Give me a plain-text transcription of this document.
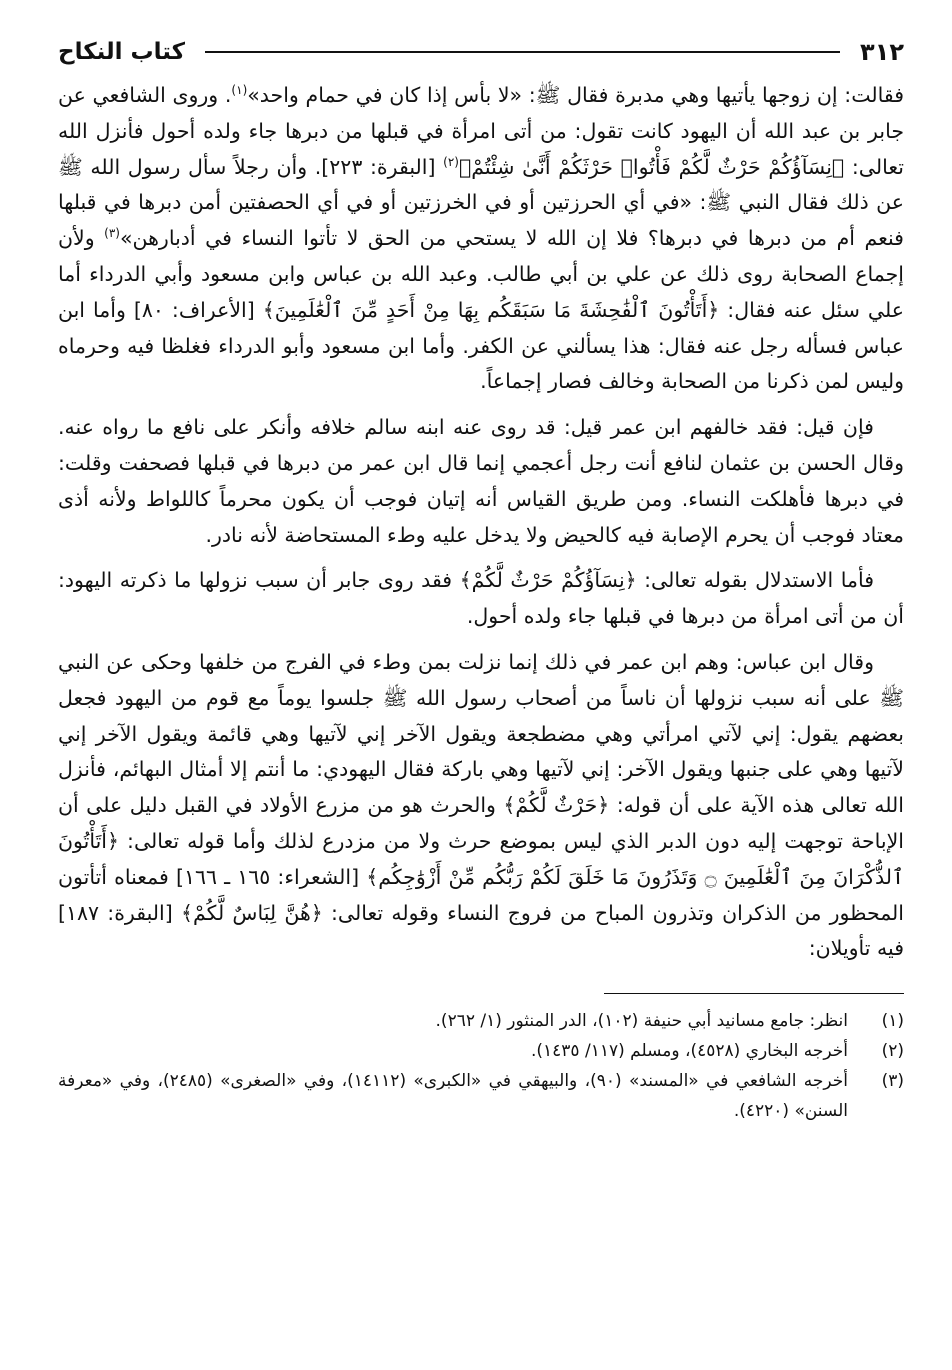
٣١٢
كتاب النكاح

فقالت: إن زوجها يأتيها وهي مدبرة فقال ﷺ: «لا بأس إذا كان في حمام واحد»$^{(١)}$. وروى الشافعي عن جابر بن عبد الله أن اليهود كانت تقول: من أتى امرأة في قبلها من دبرها جاء ولده أحول فأنزل الله تعالى: ﴿نِسَآؤُكُمْ حَرْثٌ لَّكُمْ فَأْتُوا۟ حَرْثَكُمْ أَنَّىٰ شِئْتُمْ﴾$^{(٢)}$ [البقرة: ٢٢٣]. وأن رجلاً سأل رسول الله ﷺ عن ذلك فقال النبي ﷺ: «في أي الحرزتين أو في الخرزتين أو في أي الحصفتين أمن دبرها في قبلها فنعم أم من دبرها في دبرها؟ فلا إن الله لا يستحي من الحق لا تأتوا النساء في أدبارهن»$^{(٣)}$ ولأن إجماع الصحابة روى ذلك عن علي بن أبي طالب. وعبد الله بن عباس وابن مسعود وأبي الدرداء أما علي سئل عنه فقال: ﴿أَتَأْتُونَ ٱلْفَٰحِشَةَ مَا سَبَقَكُم بِهَا مِنْ أَحَدٍ مِّنَ ٱلْعَٰلَمِينَ﴾ [الأعراف: ٨٠] وأما ابن عباس فسأله رجل عنه فقال: هذا يسألني عن الكفر. وأما ابن مسعود وأبو الدرداء فغلظا فيه وحرماه وليس لمن ذكرنا من الصحابة وخالف فصار إجماعاً.

فإن قيل: فقد خالفهم ابن عمر قيل: قد روى عنه ابنه سالم خلافه وأنكر على نافع ما رواه عنه. وقال الحسن بن عثمان لنافع أنت رجل أعجمي إنما قال ابن عمر من دبرها في قبلها فصحفت وقلت: في دبرها فأهلكت النساء. ومن طريق القياس أنه إتيان فوجب أن يكون محرماً كاللواط ولأنه أذى معتاد فوجب أن يحرم الإصابة فيه كالحيض ولا يدخل عليه وطء المستحاضة لأنه نادر.

فأما الاستدلال بقوله تعالى: ﴿نِسَآؤُكُمْ حَرْثٌ لَّكُمْ﴾ فقد روى جابر أن سبب نزولها ما ذكرته اليهود: أن من أتى امرأة من دبرها في قبلها جاء ولده أحول.

وقال ابن عباس: وهم ابن عمر في ذلك إنما نزلت بمن وطء في الفرج من خلفها وحكى عن النبي ﷺ على أنه سبب نزولها أن ناساً من أصحاب رسول الله ﷺ جلسوا يوماً مع قوم من اليهود فجعل بعضهم يقول: إني لآتي امرأتي وهي مضطجعة ويقول الآخر إني لآتيها وهي قائمة ويقول الآخر إني لآتيها وهي على جنبها ويقول الآخر: إني لآتيها وهي باركة فقال اليهودي: ما أنتم إلا أمثال البهائم، فأنزل الله تعالى هذه الآية على أن قوله: ﴿حَرْثٌ لَّكُمْ﴾ والحرث هو من مزرع الأولاد في القبل دليل على أن الإباحة توجهت إليه دون الدبر الذي ليس بموضع حرث ولا من مزدرع لذلك وأما قوله تعالى: ﴿أَتَأْتُونَ ٱلذُّكْرَانَ مِنَ ٱلْعَٰلَمِينَ ۝ وَتَذَرُونَ مَا خَلَقَ لَكُمْ رَبُّكُم مِّنْ أَزْوَٰجِكُم﴾ [الشعراء: ١٦٥ ـ ١٦٦] فمعناه أتأتون المحظور من الذكران وتذرون المباح من فروج النساء وقوله تعالى: ﴿هُنَّ لِبَاسٌ لَّكُمْ﴾ [البقرة: ١٨٧] فيه تأويلان:

(١)
انظر: جامع مسانيد أبي حنيفة (١٠٢)، الدر المنثور (١/ ٢٦٢).
(٢)
أخرجه البخاري (٤٥٢٨)، ومسلم (١١٧/ ١٤٣٥).
(٣)
أخرجه الشافعي في «المسند» (٩٠)، والبيهقي في «الكبرى» (١٤١١٢)، وفي «الصغرى» (٢٤٨٥)، وفي «معرفة السنن» (٤٢٢٠).
